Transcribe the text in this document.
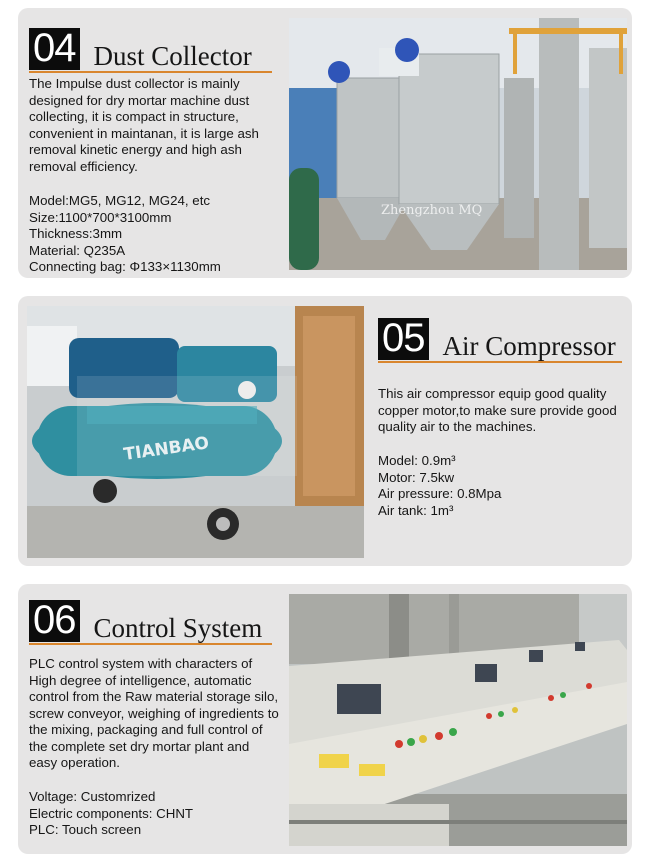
04 Dust Collector

The Impulse dust collector is mainly designed for dry mortar machine dust collecting, it is compact in structure, convenient in maintanan, it is large ash removal kinetic energy and high ash removal efficiency.

Model:MG5, MG12, MG24, etc
Size:1100*700*3100mm
Thickness:3mm
Material: Q235A
Connecting bag: Φ133×1130mm
Zhengzhou MQ
TIANBAO
05 Air Compressor

This air compressor equip good quality copper motor,to make sure provide good quality air to the machines.

Model: 0.9m³
Motor: 7.5kw
Air pressure: 0.8Mpa
Air tank: 1m³
06 Control System

PLC control system with characters of High degree of intelligence, automatic control from the Raw material storage silo, screw conveyor, weighing of ingredients to the mixing, packaging and full control of the complete set dry mortar plant and easy operation.

Voltage: Customrized
Electric components: CHNT
PLC: Touch screen
